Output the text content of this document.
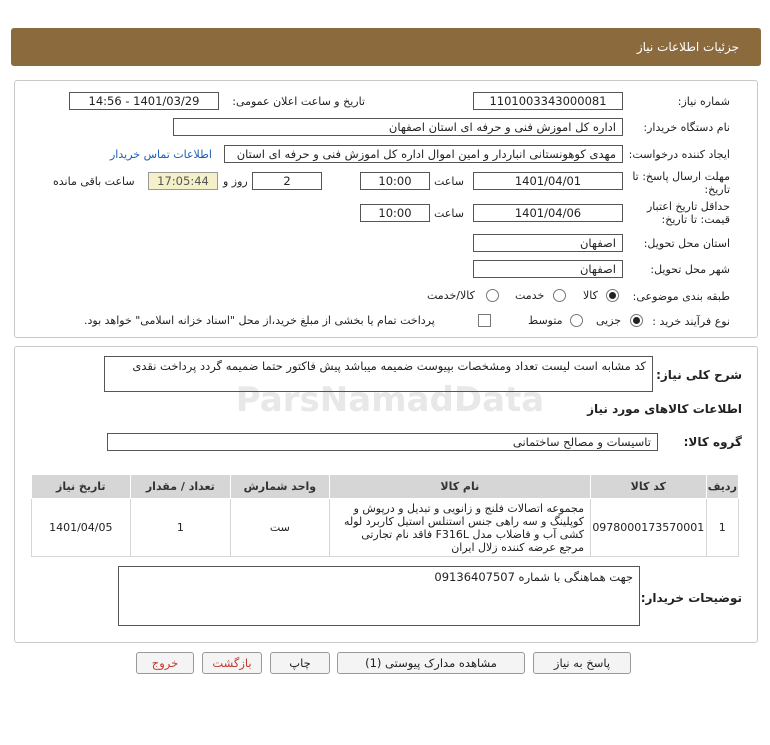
جزئیات اطلاعات نیاز
ParsNamadData
شماره نیاز:
1101003343000081
تاریخ و ساعت اعلان عمومی:
1401/03/29 - 14:56
نام دستگاه خریدار:
اداره کل اموزش فنی و حرفه ای استان اصفهان
ایجاد کننده درخواست:
مهدی کوهونستانی انباردار و امین اموال اداره کل اموزش فنی و حرفه ای استان
اطلاعات تماس خریدار
مهلت ارسال پاسخ: تا
تاریخ:
1401/04/01
ساعت
10:00
2
روز و
17:05:44
ساعت باقی مانده
حداقل تاریخ اعتبار
قیمت: تا تاریخ:
1401/04/06
ساعت
10:00
استان محل تحویل:
اصفهان
شهر محل تحویل:
اصفهان
طبقه بندی موضوعی:
کالا
خدمت
کالا/خدمت
نوع فرآیند خرید :
جزیی
متوسط
پرداخت تمام یا بخشی از مبلغ خرید،از محل "اسناد خزانه اسلامی" خواهد بود.
شرح کلی نیاز:
کد مشابه است لیست تعداد ومشخصات بپیوست ضمیمه میباشد پیش فاکتور حتما ضمیمه گردد پرداخت نقدی
اطلاعات کالاهای مورد نیاز
گروه کالا:
تاسیسات و مصالح ساختمانی
ردیف	کد کالا	نام کالا	واحد شمارش	تعداد / مقدار	تاریخ نیاز
1	0978000173570001	مجموعه اتصالات فلنج و زانویی و تبدیل و درپوش و کوپلینگ و سه راهی جنس استنلس استیل کاربرد لوله کشی آب و فاضلاب مدل F316L فاقد نام تجارتی مرجع عرضه کننده زلال ایران	ست	1	1401/04/05
توضیحات خریدار:
جهت هماهنگی با شماره 09136407507
پاسخ به نیاز
مشاهده مدارک پیوستی (1)
چاپ
بازگشت
خروج
